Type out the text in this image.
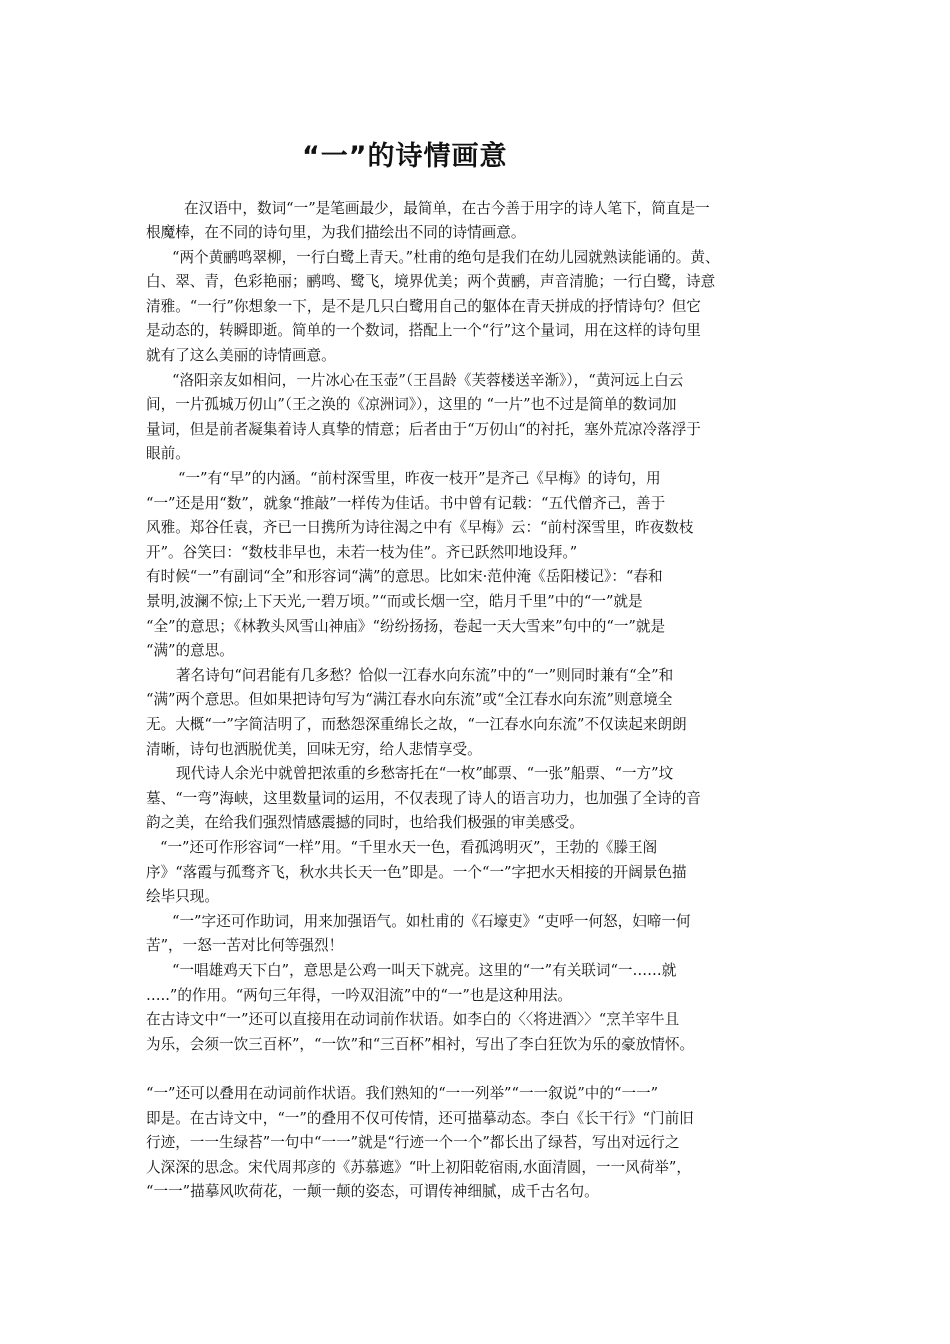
“一”的诗情画意

在汉语中，数词“一”是笔画最少，最简单，在古今善于用字的诗人笔下，简直是一

根魔棒，在不同的诗句里，为我们描绘出不同的诗情画意。

“两个黄鹂鸣翠柳，一行白鹭上青天。”杜甫的绝句是我们在幼儿园就熟读能诵的。黄、

白、翠、青，色彩艳丽；鹂鸣、鹭飞，境界优美；两个黄鹂，声音清脆；一行白鹭，诗意

清雅。“一行”你想象一下，是不是几只白鹭用自己的躯体在青天拼成的抒情诗句？但它

是动态的，转瞬即逝。简单的一个数词，搭配上一个“行”这个量词，用在这样的诗句里

就有了这么美丽的诗情画意。

“洛阳亲友如相问，一片冰心在玉壶”（王昌龄《芙蓉楼送辛渐》），“黄河远上白云

间，一片孤城万仞山”（王之涣的《凉洲词》），这里的 “一片”也不过是简单的数词加

量词，但是前者凝集着诗人真挚的情意；后者由于“万仞山“的衬托，塞外荒凉冷落浮于

眼前。

“一”有“早”的内涵。“前村深雪里，昨夜一枝开”是齐己《早梅》的诗句，用

“一”还是用“数”，就象“推敲”一样传为佳话。书中曾有记载：“五代僧齐己，善于

风雅。郑谷任袁，齐已一日携所为诗往渴之中有《早梅》云：“前村深雪里，昨夜数枝

开”。谷笑曰：“数枝非早也，未若一枝为佳”。齐已跃然叩地设拜。”

有时候“一”有副词“全”和形容词“满”的意思。比如宋·范仲淹《岳阳楼记》：“春和

景明,波澜不惊;上下天光,一碧万顷。”“而或长烟一空，皓月千里”中的“一”就是

“全”的意思；《林教头风雪山神庙》“纷纷扬扬，卷起一天大雪来”句中的“一”就是

“满”的意思。

著名诗句“问君能有几多愁？恰似一江春水向东流”中的“一”则同时兼有“全”和

“满”两个意思。但如果把诗句写为“满江春水向东流”或“全江春水向东流”则意境全

无。大概“一”字简洁明了，而愁怨深重绵长之故，“一江春水向东流”不仅读起来朗朗

清晰，诗句也洒脱优美，回味无穷，给人悲情享受。

现代诗人余光中就曾把浓重的乡愁寄托在“一枚”邮票、“一张”船票、“一方”坟

墓、“一弯”海峡，这里数量词的运用，不仅表现了诗人的语言功力，也加强了全诗的音

韵之美，在给我们强烈情感震撼的同时，也给我们极强的审美感受。

“一”还可作形容词“一样”用。“千里水天一色，看孤鸿明灭”，王勃的《滕王阁

序》“落霞与孤骛齐飞，秋水共长天一色”即是。一个“一”字把水天相接的开阔景色描

绘毕只现。

“一”字还可作助词，用来加强语气。如杜甫的《石壕吏》“吏呼一何怒，妇啼一何

苦”，一怒一苦对比何等强烈！

“一唱雄鸡天下白”，意思是公鸡一叫天下就亮。这里的“一”有关联词“一……就

…..”的作用。“两句三年得，一吟双泪流”中的“一”也是这种用法。

在古诗文中“一”还可以直接用在动词前作状语。如李白的〈〈将进酒〉〉“烹羊宰牛且

为乐，会须一饮三百杯”，“一饮”和“三百杯”相衬，写出了李白狂饮为乐的豪放情怀。

“一”还可以叠用在动词前作状语。我们熟知的“一一列举”“一一叙说”中的“一一”

即是。在古诗文中，“一”的叠用不仅可传情，还可描摹动态。李白《长干行》“门前旧

行迹，一一生绿苔”一句中“一一”就是“行迹一个一个”都长出了绿苔，写出对远行之

人深深的思念。宋代周邦彦的《苏慕遮》“叶上初阳乾宿雨,水面清圆，一一风荷举”，

“一一”描摹风吹荷花，一颠一颠的姿态，可谓传神细腻，成千古名句。
